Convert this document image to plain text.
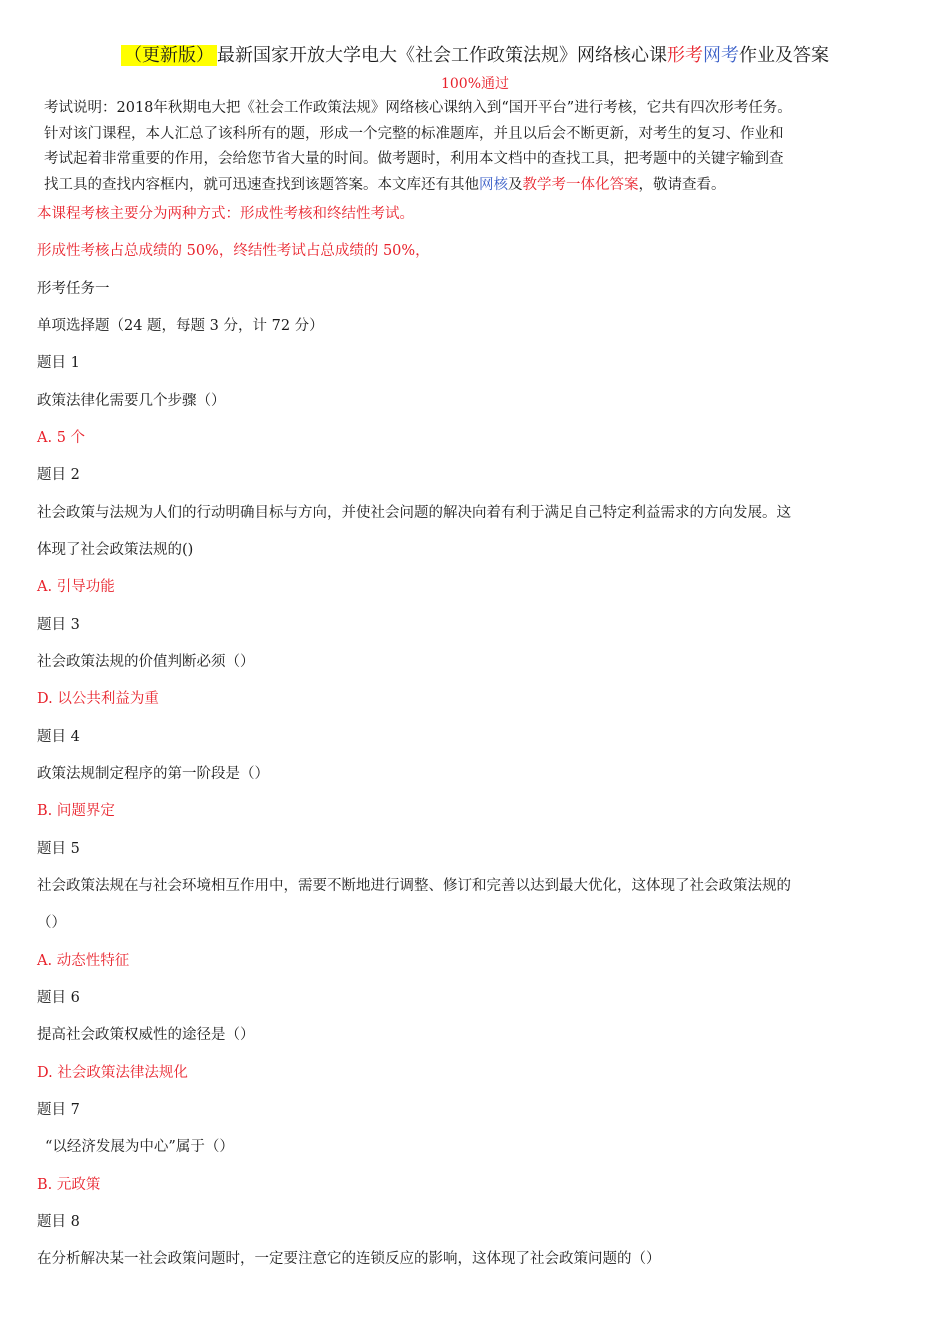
（更新版） 最新国家开放大学电大《社会工作政策法规》网络核心课形考网考作业及答案
100%通过

考试说明：2018年秋期电大把《社会工作政策法规》网络核心课纳入到“国开平台”进行考核，它共有四次形考任务。

针对该门课程，本人汇总了该科所有的题，形成一个完整的标准题库，并且以后会不断更新，对考生的复习、作业和

考试起着非常重要的作用，会给您节省大量的时间。做考题时，利用本文档中的查找工具，把考题中的关键字输到查

找工具的查找内容框内，就可迅速查找到该题答案。本文库还有其他网核及教学考一体化答案，敬请查看。

本课程考核主要分为两种方式：形成性考核和终结性考试。
形成性考核占总成绩的 50%，终结性考试占总成绩的 50%，
形考任务一
单项选择题（24 题，每题 3 分，计 72 分）
题目 1
政策法律化需要几个步骤（）
A. 5 个
题目 2
社会政策与法规为人们的行动明确目标与方向，并使社会问题的解决向着有利于满足自己特定利益需求的方向发展。这
体现了社会政策法规的()
A. 引导功能
题目 3
社会政策法规的价值判断必须（）
D. 以公共利益为重
题目 4
政策法规制定程序的第一阶段是（）
B. 问题界定
题目 5
社会政策法规在与社会环境相互作用中，需要不断地进行调整、修订和完善以达到最大优化，这体现了社会政策法规的
（）
A. 动态性特征
题目 6
提高社会政策权威性的途径是（）
D. 社会政策法律法规化
题目 7
“以经济发展为中心”属于（）
B. 元政策
题目 8
在分析解决某一社会政策问题时，一定要注意它的连锁反应的影响，这体现了社会政策问题的（）
